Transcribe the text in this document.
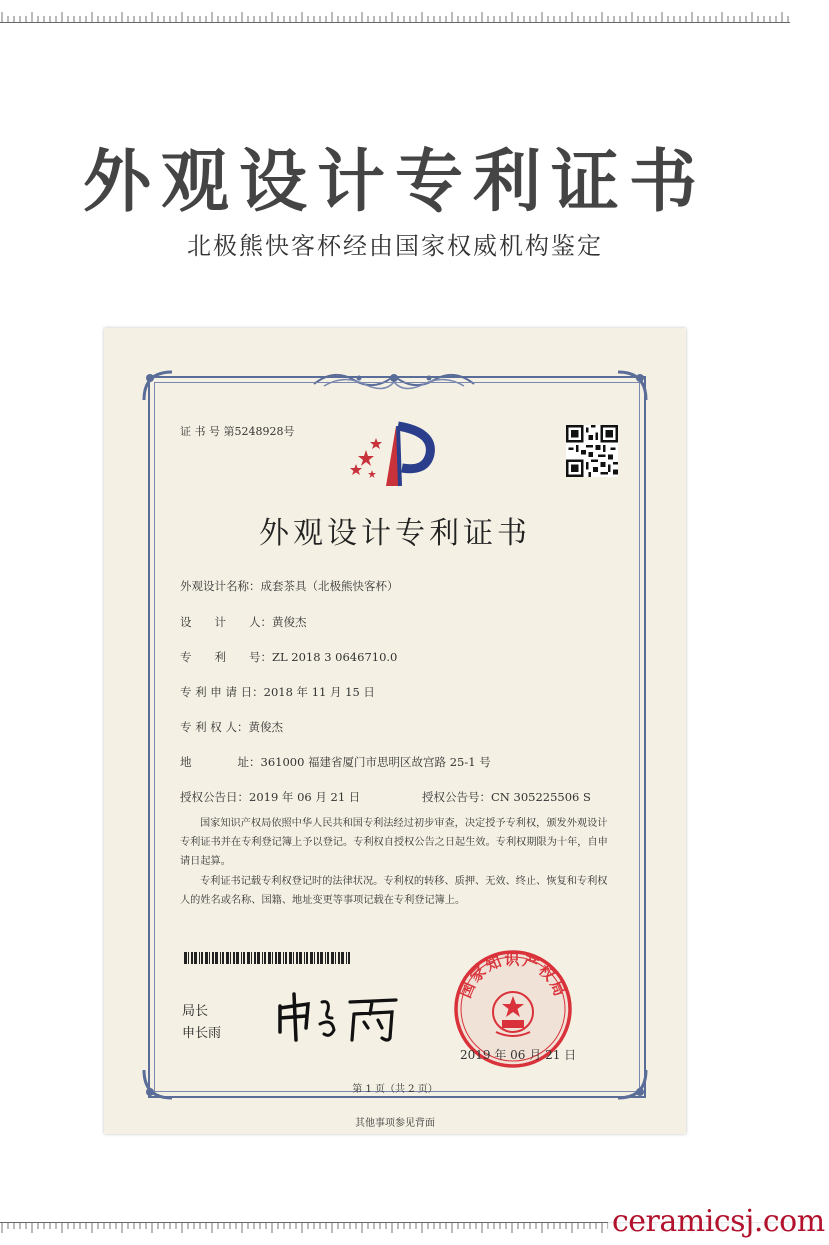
外观设计专利证书
北极熊快客杯经由国家权威机构鉴定
证 书 号 第5248928号
外观设计专利证书
外观设计名称：成套茶具（北极熊快客杯）
设　　计　　人：黄俊杰
专　　利　　号：ZL 2018 3 0646710.0
专 利 申 请 日：2018 年 11 月 15 日
专 利 权 人：黄俊杰
地　　　　址：361000 福建省厦门市思明区故宫路 25-1 号
授权公告日：2019 年 06 月 21 日	授权公告号：CN 305225506 S
国家知识产权局依照中华人民共和国专利法经过初步审查，决定授予专利权，颁发外观设计专利证书并在专利登记簿上予以登记。专利权自授权公告之日起生效。专利权期限为十年，自申请日起算。
专利证书记载专利权登记时的法律状况。专利权的转移、质押、无效、终止、恢复和专利权人的姓名或名称、国籍、地址变更等事项记载在专利登记簿上。
局长
申长雨
国家知识产权局
2019 年 06 月 21 日
第 1 页（共 2 页）
其他事项参见背面
ceramicsj.com
